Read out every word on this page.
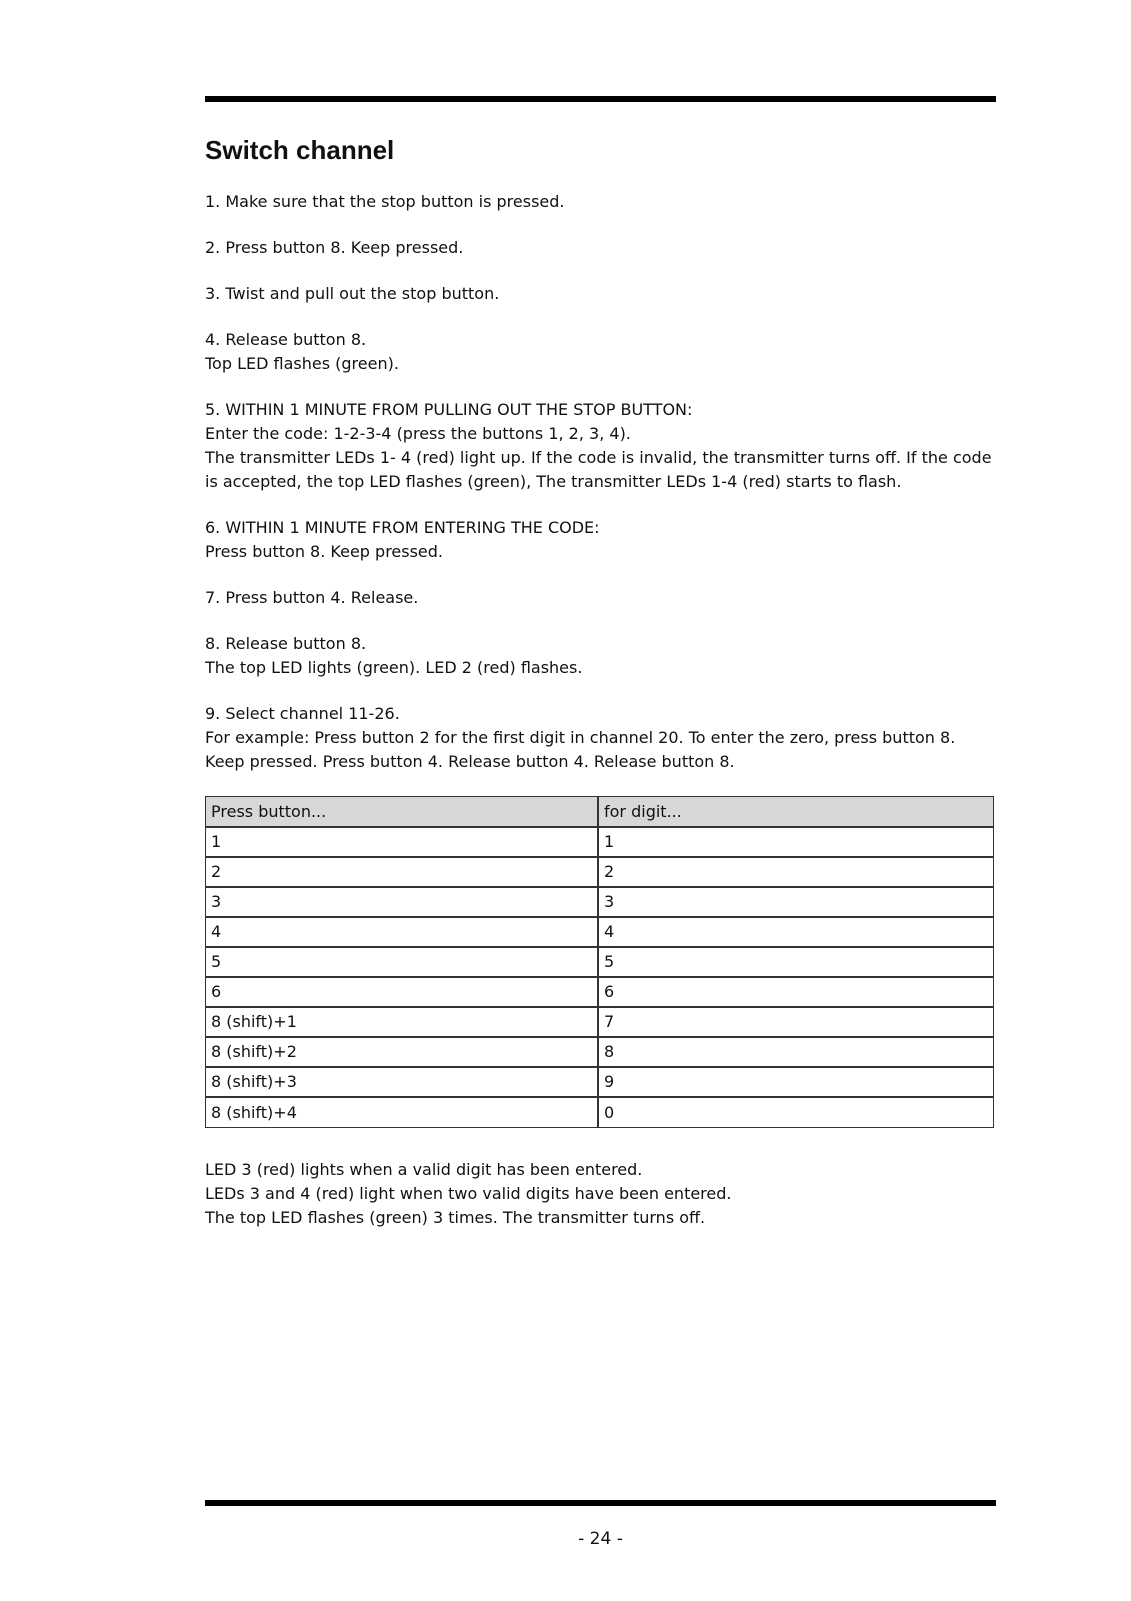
Switch channel

1. Make sure that the stop button is pressed.

2. Press button 8. Keep pressed.

3. Twist and pull out the stop button.

4. Release button 8.

Top LED flashes (green).

5. WITHIN 1 MINUTE FROM PULLING OUT THE STOP BUTTON:

Enter the code: 1-2-3-4 (press the buttons 1, 2, 3, 4).

The transmitter LEDs 1- 4 (red) light up. If the code is invalid, the transmitter turns off. If the code is accepted, the top LED flashes (green), The transmitter LEDs 1-4 (red) starts to flash.

6. WITHIN 1 MINUTE FROM ENTERING THE CODE:

Press button 8. Keep pressed.

7. Press button 4. Release.

8. Release button 8.

The top LED lights (green). LED 2 (red) flashes.

9. Select channel 11-26.

For example: Press button 2 for the first digit in channel 20. To enter the zero, press button 8. Keep pressed. Press button 4. Release button 4. Release button 8.

Press button...	for digit...
1	1
2	2
3	3
4	4
5	5
6	6
8 (shift)+1	7
8 (shift)+2	8
8 (shift)+3	9
8 (shift)+4	0

LED 3 (red) lights when a valid digit has been entered.

LEDs 3 and 4 (red) light when two valid digits have been entered.

The top LED flashes (green) 3 times. The transmitter turns off.

- 24 -
